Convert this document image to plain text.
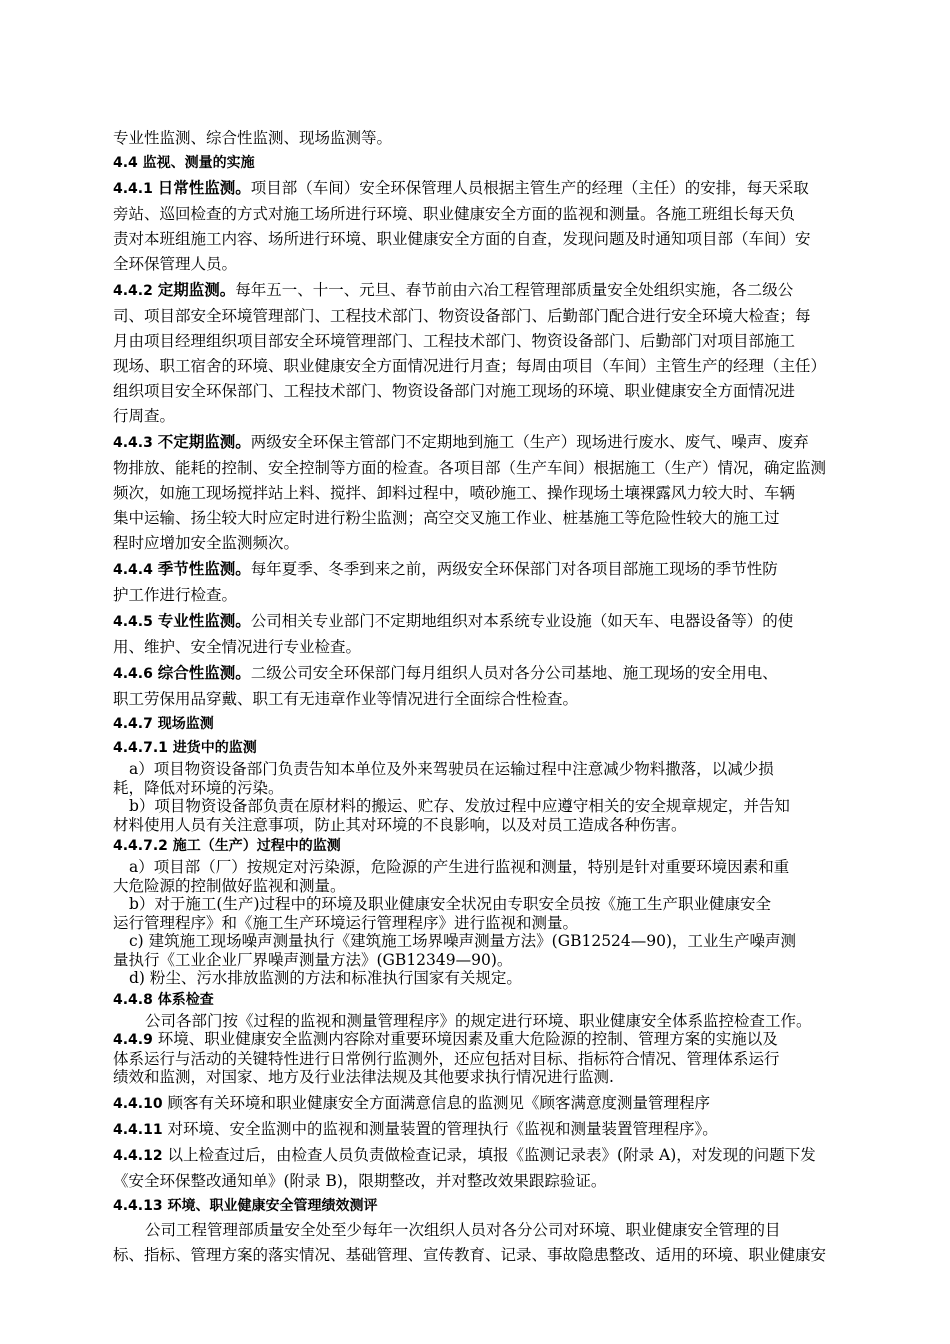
专业性监测、综合性监测、现场监测等。

4.4 监视、测量的实施

4.4.1 日常性监测。项目部（车间）安全环保管理人员根据主管生产的经理（主任）的安排，每天采取

旁站、巡回检查的方式对施工场所进行环境、职业健康安全方面的监视和测量。各施工班组长每天负

责对本班组施工内容、场所进行环境、职业健康安全方面的自查，发现问题及时通知项目部（车间）安

全环保管理人员。

4.4.2 定期监测。每年五一、十一、元旦、春节前由六冶工程管理部质量安全处组织实施，各二级公

司、项目部安全环境管理部门、工程技术部门、物资设备部门、后勤部门配合进行安全环境大检查；每

月由项目经理组织项目部安全环境管理部门、工程技术部门、物资设备部门、后勤部门对项目部施工

现场、职工宿舍的环境、职业健康安全方面情况进行月查；每周由项目（车间）主管生产的经理（主任）

组织项目安全环保部门、工程技术部门、物资设备部门对施工现场的环境、职业健康安全方面情况进

行周查。

4.4.3 不定期监测。两级安全环保主管部门不定期地到施工（生产）现场进行废水、废气、噪声、废弃

物排放、能耗的控制、安全控制等方面的检查。各项目部（生产车间）根据施工（生产）情况，确定监测

频次，如施工现场搅拌站上料、搅拌、卸料过程中，喷砂施工、操作现场土壤裸露风力较大时、车辆

集中运输、扬尘较大时应定时进行粉尘监测；高空交叉施工作业、桩基施工等危险性较大的施工过

程时应增加安全监测频次。

4.4.4 季节性监测。每年夏季、冬季到来之前，两级安全环保部门对各项目部施工现场的季节性防

护工作进行检查。

4.4.5 专业性监测。公司相关专业部门不定期地组织对本系统专业设施（如天车、电器设备等）的使

用、维护、安全情况进行专业检查。

4.4.6 综合性监测。二级公司安全环保部门每月组织人员对各分公司基地、施工现场的安全用电、

职工劳保用品穿戴、职工有无违章作业等情况进行全面综合性检查。

4.4.7 现场监测

4.4.7.1 进货中的监测

a）项目物资设备部门负责告知本单位及外来驾驶员在运输过程中注意减少物料撒落，以减少损

耗，降低对环境的污染。

b）项目物资设备部负责在原材料的搬运、贮存、发放过程中应遵守相关的安全规章规定，并告知

材料使用人员有关注意事项，防止其对环境的不良影响，以及对员工造成各种伤害。

4.4.7.2 施工（生产）过程中的监测

a）项目部（厂）按规定对污染源，危险源的产生进行监视和测量，特别是针对重要环境因素和重

大危险源的控制做好监视和测量。

b）对于施工(生产)过程中的环境及职业健康安全状况由专职安全员按《施工生产职业健康安全

运行管理程序》和《施工生产环境运行管理程序》进行监视和测量。

c) 建筑施工现场噪声测量执行《建筑施工场界噪声测量方法》(GB12524—90)，工业生产噪声测

量执行《工业企业厂界噪声测量方法》(GB12349—90)。

d) 粉尘、污水排放监测的方法和标准执行国家有关规定。

4.4.8 体系检查

公司各部门按《过程的监视和测量管理程序》的规定进行环境、职业健康安全体系监控检查工作。

4.4.9 环境、职业健康安全监测内容除对重要环境因素及重大危险源的控制、管理方案的实施以及

体系运行与活动的关键特性进行日常例行监测外，还应包括对目标、指标符合情况、管理体系运行

绩效和监测，对国家、地方及行业法律法规及其他要求执行情况进行监测.

4.4.10 顾客有关环境和职业健康安全方面满意信息的监测见《顾客满意度测量管理程序

4.4.11 对环境、安全监测中的监视和测量装置的管理执行《监视和测量装置管理程序》。

4.4.12 以上检查过后，由检查人员负责做检查记录，填报《监测记录表》(附录 A)，对发现的问题下发

《安全环保整改通知单》(附录 B)，限期整改，并对整改效果跟踪验证。

4.4.13 环境、职业健康安全管理绩效测评

公司工程管理部质量安全处至少每年一次组织人员对各分公司对环境、职业健康安全管理的目

标、指标、管理方案的落实情况、基础管理、宣传教育、记录、事故隐患整改、适用的环境、职业健康安
